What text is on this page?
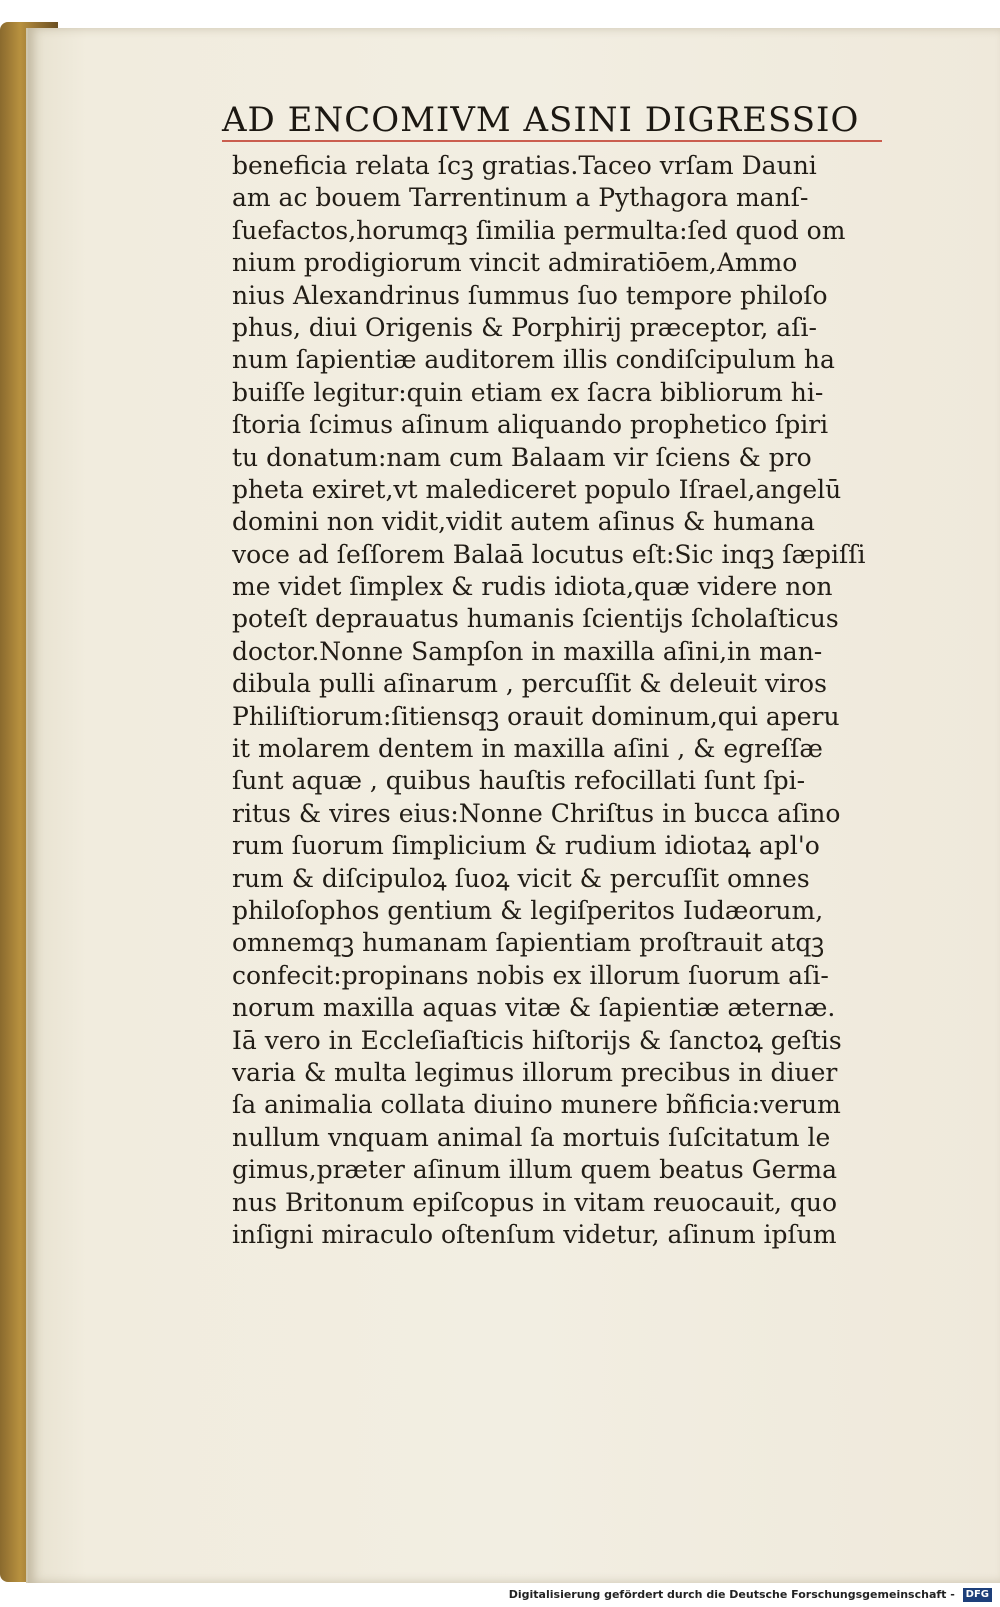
AD ENCOMIVM ASINI DIGRESSIO
beneficia relata ſcꝫ gratias.Taceo vrſam Dauni
am ac bouem Tarrentinum a Pythagora manſ-
ſuefactos,horumqꝫ ſimilia permulta:ſed quod om
nium prodigiorum vincit admiratiōem,Ammo
nius Alexandrinus ſummus ſuo tempore philoſo
phus, diui Origenis & Porphirij præceptor, aſi-
num ſapientiæ auditorem illis condiſcipulum ha
buiſſe legitur:quin etiam ex ſacra bibliorum hi-
ſtoria ſcimus aſinum aliquando prophetico ſpiri
tu donatum:nam cum Balaam vir ſciens & pro
pheta exiret,vt malediceret populo Iſrael,angelū
domini non vidit,vidit autem aſinus & humana
voce ad ſeſſorem Balaā locutus eſt:Sic inqꝫ ſæpiſſi
me videt ſimplex & rudis idiota,quæ videre non
poteſt deprauatus humanis ſcientijs ſcholaſticus
doctor.Nonne Sampſon in maxilla aſini,in man-
dibula pulli aſinarum , percuſſit & deleuit viros
Philiſtiorum:ſitiensqꝫ orauit dominum,qui aperu
it molarem dentem in maxilla aſini , & egreſſæ
ſunt aquæ , quibus hauſtis refocillati ſunt ſpi-
ritus & vires eius:Nonne Chriſtus in bucca aſino
rum ſuorum ſimplicium & rudium idiotaꝝ apl'o
rum & diſcipuloꝝ ſuoꝝ vicit & percuſſit omnes
philoſophos gentium & legiſperitos Iudæorum,
omnemqꝫ humanam ſapientiam proſtrauit atqꝫ
confecit:propinans nobis ex illorum ſuorum aſi-
norum maxilla aquas vitæ & ſapientiæ æternæ.
Iā vero in Eccleſiaſticis hiſtorijs & ſanctoꝝ geſtis
varia & multa legimus illorum precibus in diuer
ſa animalia collata diuino munere bñficia:verum
nullum vnquam animal ſa mortuis ſuſcitatum le
gimus,præter aſinum illum quem beatus Germa
nus Britonum epiſcopus in vitam reuocauit, quo
inſigni miraculo oſtenſum videtur, aſinum ipſum
Digitalisierung gefördert durch die Deutsche Forschungsgemeinschaft - DFG
